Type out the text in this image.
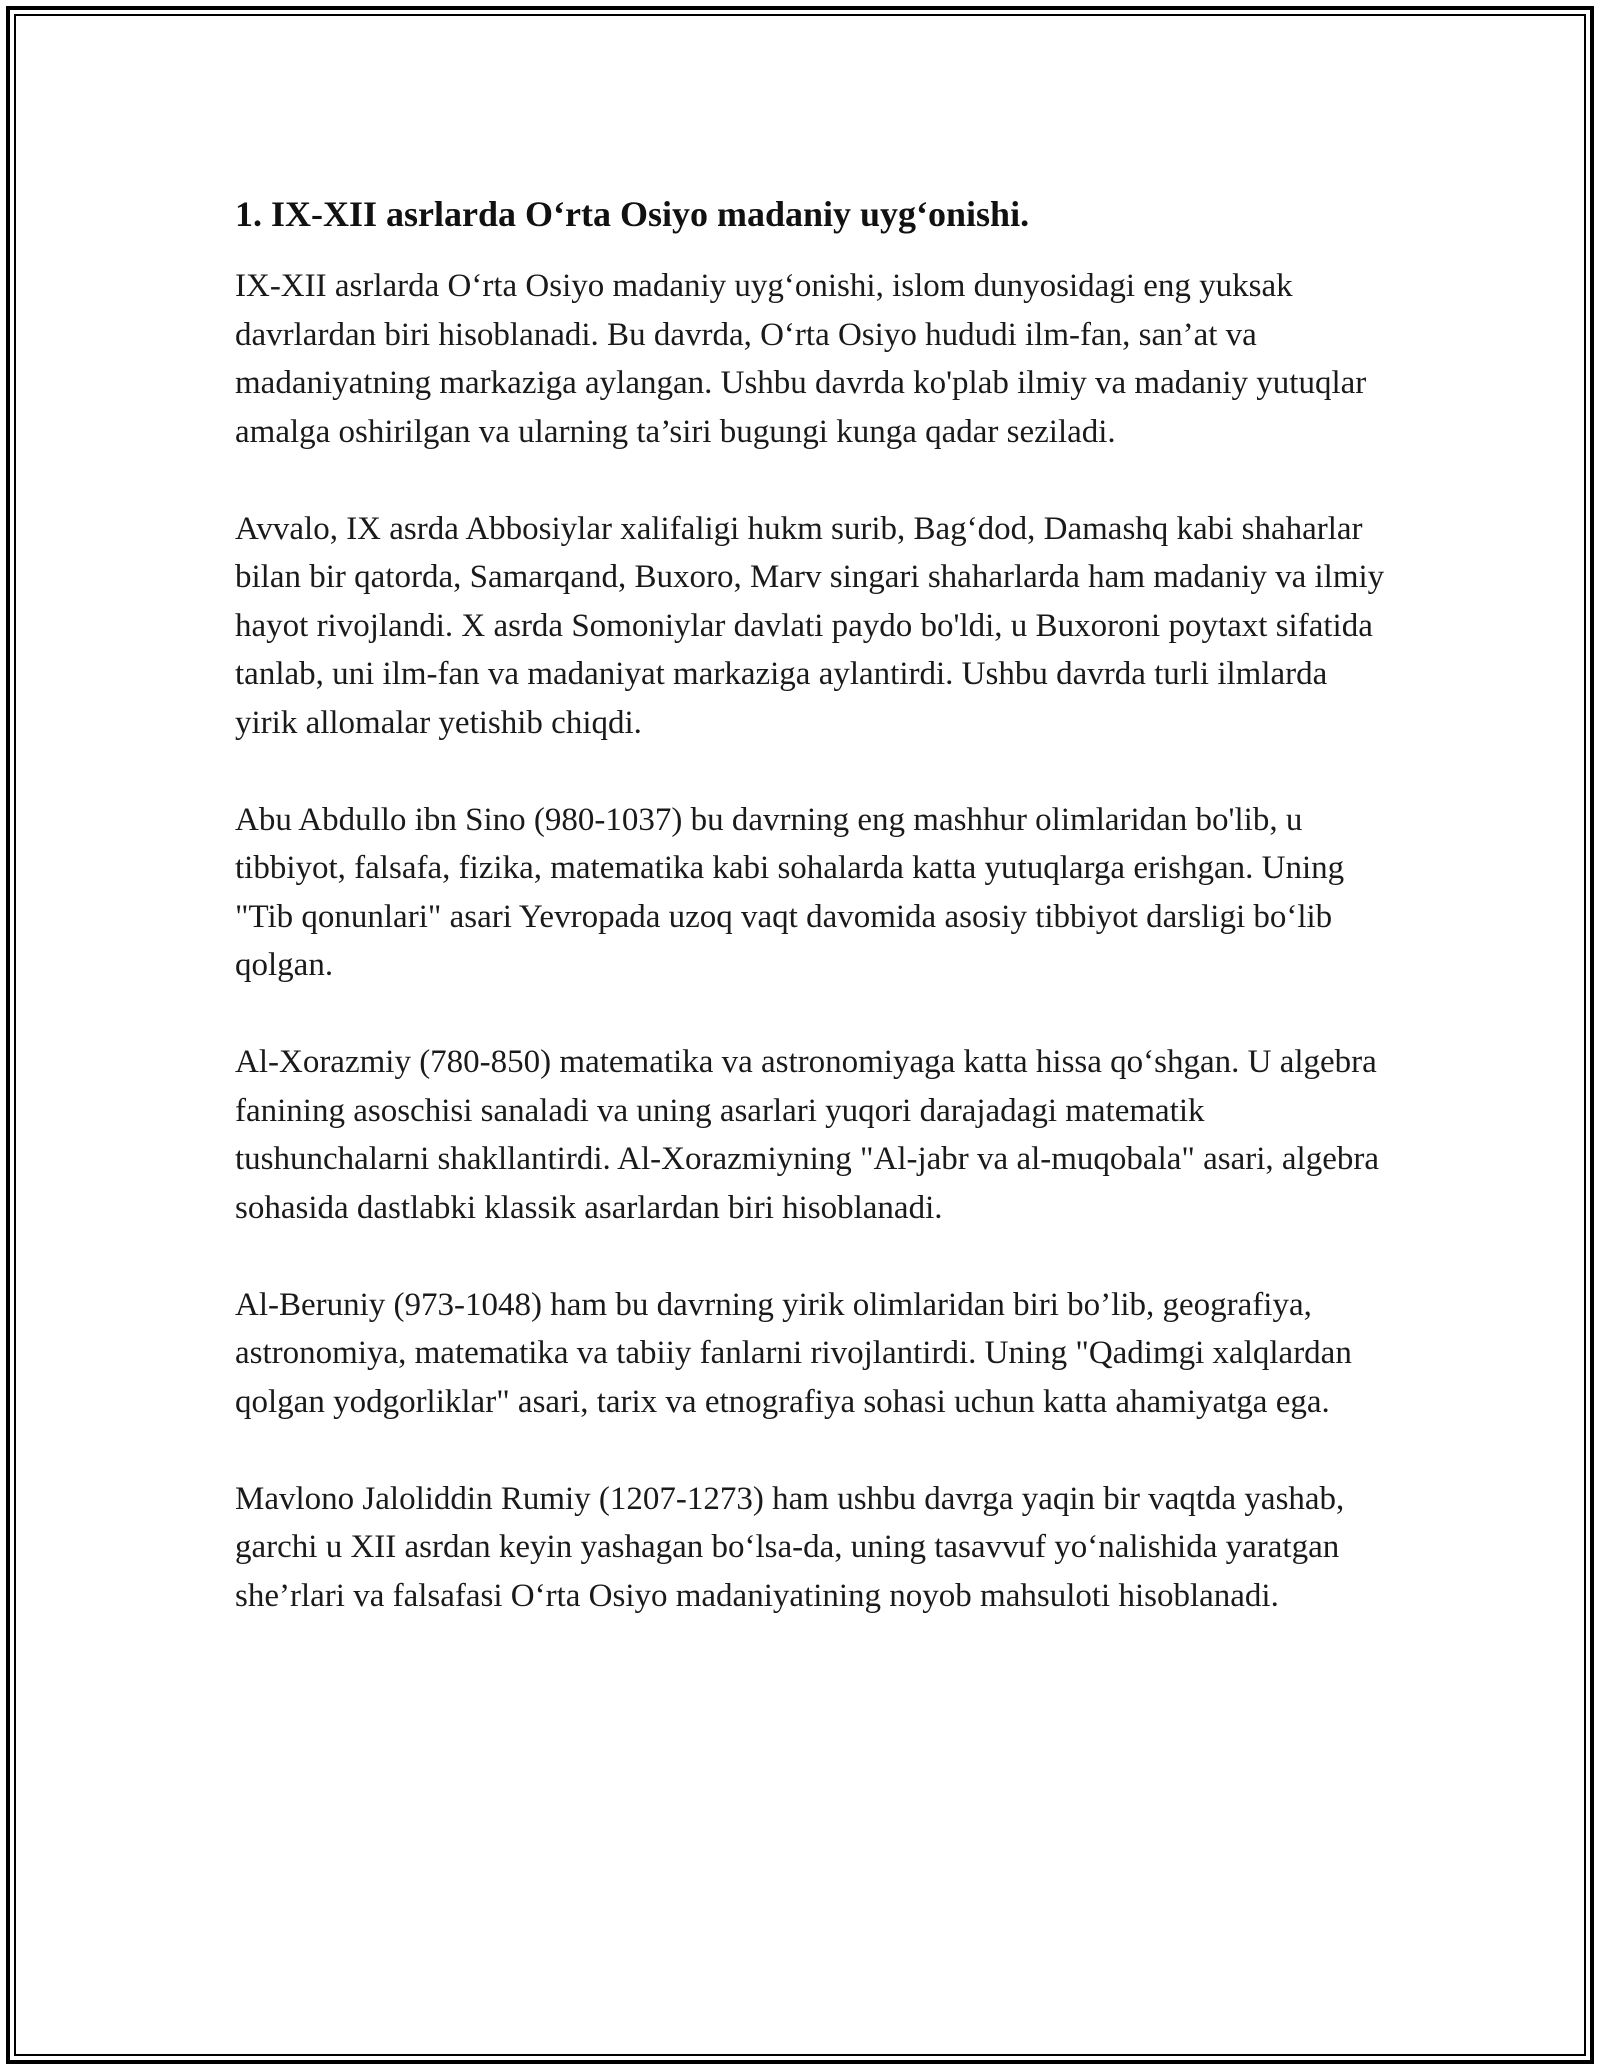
1. IX-XII asrlarda O‘rta Osiyo madaniy uyg‘onishi.

IX-XII asrlarda O‘rta Osiyo madaniy uyg‘onishi, islom dunyosidagi eng yuksak davrlardan biri hisoblanadi. Bu davrda, O‘rta Osiyo hududi ilm-fan, san’at va madaniyatning markaziga aylangan. Ushbu davrda ko'plab ilmiy va madaniy yutuqlar amalga oshirilgan va ularning ta’siri bugungi kunga qadar seziladi.

Avvalo, IX asrda Abbosiylar xalifaligi hukm surib, Bag‘dod, Damashq kabi shaharlar bilan bir qatorda, Samarqand, Buxoro, Marv singari shaharlarda ham madaniy va ilmiy hayot rivojlandi. X asrda Somoniylar davlati paydo bo'ldi, u Buxoroni poytaxt sifatida tanlab, uni ilm-fan va madaniyat markaziga aylantirdi. Ushbu davrda turli ilmlarda yirik allomalar yetishib chiqdi.

Abu Abdullo ibn Sino (980-1037) bu davrning eng mashhur olimlaridan bo'lib, u tibbiyot, falsafa, fizika, matematika kabi sohalarda katta yutuqlarga erishgan. Uning "Tib qonunlari" asari Yevropada uzoq vaqt davomida asosiy tibbiyot darsligi bo‘lib qolgan.

Al-Xorazmiy (780-850) matematika va astronomiyaga katta hissa qo‘shgan. U algebra fanining asoschisi sanaladi va uning asarlari yuqori darajadagi matematik tushunchalarni shakllantirdi. Al-Xorazmiyning "Al-jabr va al-muqobala" asari, algebra sohasida dastlabki klassik asarlardan biri hisoblanadi.

Al-Beruniy (973-1048) ham bu davrning yirik olimlaridan biri bo’lib, geografiya, astronomiya, matematika va tabiiy fanlarni rivojlantirdi. Uning "Qadimgi xalqlardan qolgan yodgorliklar" asari, tarix va etnografiya sohasi uchun katta ahamiyatga ega.

Mavlono Jaloliddin Rumiy (1207-1273) ham ushbu davrga yaqin bir vaqtda yashab, garchi u XII asrdan keyin yashagan bo‘lsa-da, uning tasavvuf yo‘nalishida yaratgan she’rlari va falsafasi O‘rta Osiyo madaniyatining noyob mahsuloti hisoblanadi.
